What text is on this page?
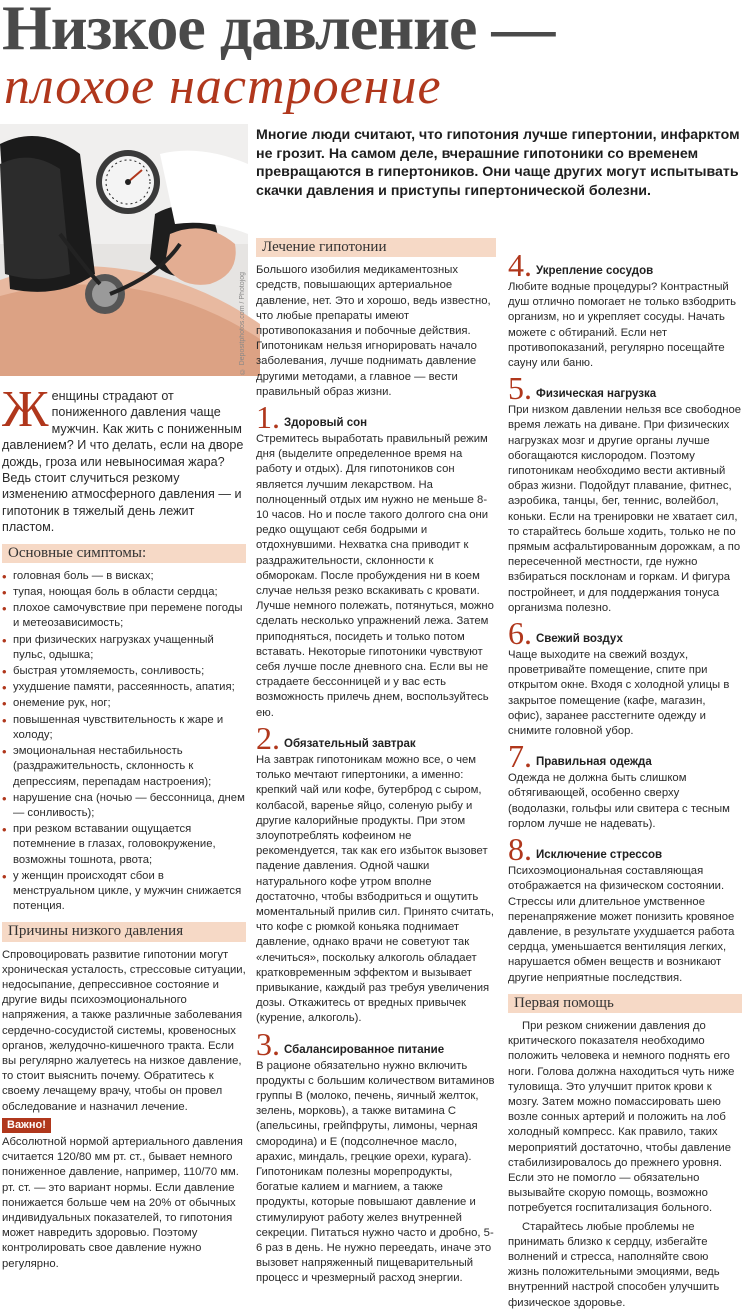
Низкое давление —
плохое настроение
© Depositphotos.com / Photojog
Многие люди считают, что гипотония лучше гипертонии, инфарктом не грозит. На самом деле, вчерашние гипотоники со временем превращаются в гипертоников. Они чаще других могут испытывать скачки давления и приступы гипертонической болезни.
Женщины страдают от пониженного давления чаще мужчин. Как жить с пониженным давлением? И что делать, если на дворе дождь, гроза или невыносимая жара? Ведь стоит случиться резкому изменению атмосферного давления — и гипотоник в тяжелый день лежит пластом.
Основные симптомы:
• головная боль — в висках;
• тупая, ноющая боль в области сердца;
• плохое самочувствие при перемене погоды и метеозависимость;
• при физических нагрузках учащенный пульс, одышка;
• быстрая утомляемость, сонливость;
• ухудшение памяти, рассеянность, апатия;
• онемение рук, ног;
• повышенная чувствительность к жаре и холоду;
• эмоциональная нестабильность (раздражительность, склонность к депрессиям, перепадам настроения);
• нарушение сна (ночью — бессонница, днем — сонливость);
• при резком вставании ощущается потемнение в глазах, головокружение, возможны тошнота, рвота;
• у женщин происходят сбои в менструальном цикле, у мужчин снижается потенция.
Причины низкого давления

Спровоцировать развитие гипотонии могут хроническая усталость, стрессовые ситуации, недосыпание, депрессивное состояние и другие виды психоэмоционального напряжения, а также различные заболевания сердечно-сосудистой системы, кровеносных органов, желудочно-кишечного тракта. Если вы регулярно жалуетесь на низкое давление, то стоит выяснить почему. Обратитесь к своему лечащему врачу, чтобы он провел обследование и назначил лечение.

Важно!

Абсолютной нормой артериального давления считается 120/80 мм рт. ст., бывает немного пониженное давление, например, 110/70 мм. рт. ст. — это вариант нормы. Если давление понижается больше чем на 20% от обычных индивидуальных показателей, то гипотония может навредить здоровью. Поэтому контролировать свое давление нужно регулярно.

Лечение гипотонии

Большого изобилия медикаментозных средств, повышающих артериальное давление, нет. Это и хорошо, ведь известно, что любые препараты имеют противопоказания и побочные действия. Гипотоникам нельзя игнорировать начало заболевания, лучше поднимать давление другими методами, а главное — вести правильный образ жизни.

1. Здоровый сон

Стремитесь выработать правильный режим дня (выделите определенное время на работу и отдых). Для гипотоников сон является лучшим лекарством. На полноценный отдых им нужно не меньше 8-10 часов. Но и после такого долгого сна они редко ощущают себя бодрыми и отдохнувшими. Нехватка сна приводит к раздражительности, склонности к обморокам. После пробуждения ни в коем случае нельзя резко вскакивать с кровати. Лучше немного полежать, потянуться, можно сделать несколько упражнений лежа. Затем приподняться, посидеть и только потом вставать. Некоторые гипотоники чувствуют себя лучше после дневного сна. Если вы не страдаете бессонницей и у вас есть возможность прилечь днем, воспользуйтесь ею.

2. Обязательный завтрак

На завтрак гипотоникам можно все, о чем только мечтают гипертоники, а именно: крепкий чай или кофе, бутерброд с сыром, колбасой, варенье яйцо, соленую рыбу и другие калорийные продукты. При этом злоупотреблять кофеином не рекомендуется, так как его избыток вызовет падение давления. Одной чашки натурального кофе утром вполне достаточно, чтобы взбодриться и ощутить моментальный прилив сил. Принято считать, что кофе с рюмкой коньяка поднимает давление, однако врачи не советуют так «лечиться», поскольку алкоголь обладает кратковременным эффектом и вызывает привыкание, каждый раз требуя увеличения дозы. Откажитесь от вредных привычек (курение, алкоголь).

3. Сбалансированное питание

В рационе обязательно нужно включить продукты с большим количеством витаминов группы В (молоко, печень, яичный желток, зелень, морковь), а также витамина С (апельсины, грейпфруты, лимоны, черная смородина) и Е (подсолнечное масло, арахис, миндаль, грецкие орехи, курага). Гипотоникам полезны морепродукты, богатые калием и магнием, а также продукты, которые повышают давление и стимулируют работу желез внутренней секреции. Питаться нужно часто и дробно, 5-6 раз в день. Не нужно переедать, иначе это вызовет напряженный пищеварительный процесс и чрезмерный расход энергии.

4. Укрепление сосудов

Любите водные процедуры? Контрастный душ отлично помогает не только взбодрить организм, но и укрепляет сосуды. Начать можете с обтираний. Если нет противопоказаний, регулярно посещайте сауну или баню.

5. Физическая нагрузка

При низком давлении нельзя все свободное время лежать на диване. При физических нагрузках мозг и другие органы лучше обогащаются кислородом. Поэтому гипотоникам необходимо вести активный образ жизни. Подойдут плавание, фитнес, аэробика, танцы, бег, теннис, волейбол, коньки. Если на тренировки не хватает сил, то старайтесь больше ходить, только не по прямым асфальтированным дорожкам, а по пересеченной местности, где нужно взбираться посклонам и горкам. И фигура постройнеет, и для поддержания тонуса организма полезно.

6. Свежий воздух

Чаще выходите на свежий воздух, проветривайте помещение, спите при открытом окне. Входя с холодной улицы в закрытое помещение (кафе, магазин, офис), заранее расстегните одежду и снимите головной убор.

7. Правильная одежда

Одежда не должна быть слишком обтягивающей, особенно сверху (водолазки, гольфы или свитера с тесным горлом лучше не надевать).

8. Исключение стрессов

Психоэмоциональная составляющая отображается на физическом состоянии. Стрессы или длительное умственное перенапряжение может понизить кровяное давление, в результате ухудшается работа сердца, уменьшается вентиляция легких, нарушается обмен веществ и возникают другие неприятные последствия.

Первая помощь

При резком снижении давления до критического показателя необходимо положить человека и немного поднять его ноги. Голова должна находиться чуть ниже туловища. Это улучшит приток крови к мозгу. Затем можно помассировать шею возле сонных артерий и положить на лоб холодный компресс. Как правило, таких мероприятий достаточно, чтобы давление стабилизировалось до прежнего уровня. Если это не помогло — обязательно вызывайте скорую помощь, возможно потребуется госпитализация больного.

Старайтесь любые проблемы не принимать близко к сердцу, избегайте волнений и стресса, наполняйте свою жизнь положительными эмоциями, ведь внутренний настрой способен улучшить физическое здоровье.
